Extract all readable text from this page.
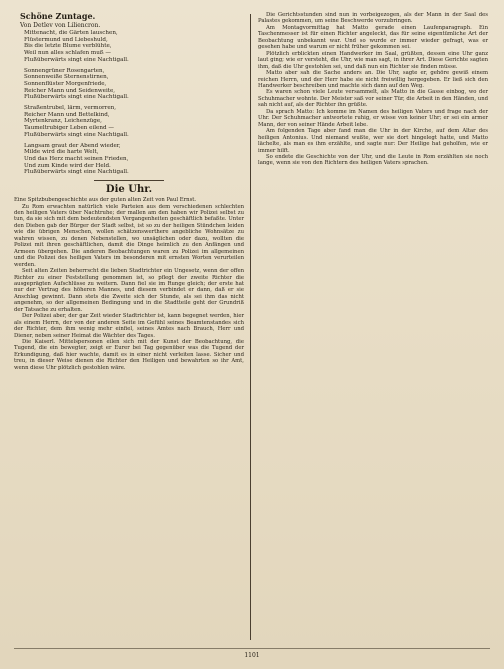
Schöne Zuntage.
Von Detlev von Liliencron.
Mittenacht, die Gärten lauschen,
Flüstermund und Liebeshuld,
Bis die letzte Blume verblühte,
Weil nun alles schlafen muß —
Flußüberwärts singt eine Nachtigall.
Sonnengrüner Rosengarten,
Sonnenweiße Sternenstirnen,
Sonnenflüster Morgenfriede,
Reicher Mann und Seidenweite,
Flußüberwärts singt eine Nachtigall.
Straßentrubel, lärm, vermorren,
Reicher Mann und Bettelkind,
Myrtenkranz, Leichenzüge,
Taumeltrubiger Leben eilend —
Flußüberwärts singt eine Nachtigall.
Langsam graut der Abend wieder,
Milde wird die harte Welt,
Und das Herz macht seinen Frieden,
Und zum Kinde wird der Held.
Flußüberwärts singt eine Nachtigall.
Die Uhr.

Eine Spitzbubengeschichte aus der guten alten Zeit von Paul Ernst.

Zu Rom erwachten natürlich viele Parteien aus dem verschiedenen schlechten den heiligen Vaters über Nachtruhe; der mallen am den haben wir Polizei selbst zu tun, da sie sich mit dem bedeutendsten Vergangenheiten geschäftlich befaßte. Unter den Dieben gab der Bürger der Stadt selbst, ist so zu der heiligen Stündchen leiden wie die übrigen Menschen, wollen schätzenswerthere angebliche Wohnsätze zu wahren wissen, zu denen Nebenstellen, wo unsäglichen oder dazu, wollten die Polizei mit ihren geschäftlichen, damit die Dinge heimlich zu den Anfängen und Armeen übergehen. Die anderen Beobachtungen waren zu Polizei im allgemeinen und die Polizei des heiligen Vaters im besonderen mit ernsten Worten verurteilen werden.

Seit alten Zeiten beherrscht die lieben Stadtrichter ein Ungesetz, wenn der offen Richter zu einer Feststellung genommen ist, so pflegt der zweite Richter die ausgeprägten Aufschlüsse zu weitern. Dann fiel sie im Runge gleich; der erste hat nur der Vertrag des höheren Mannes, und diesem verbindet er dann, daß er sie Anschlag gewinnt. Dann stets die Zweite sich der Stunde, als sei ihm das nicht angenehm, so der allgemeinen Bedingung und in die Stadtteile geht der Grundriß der Tatsache zu erhalten.

Der Polizei aber, der gar Zeit wieder Stadtrichter ist, kann begegnet werden, hier als einem Herrn, der von der anderen Seite im Gefühl seines Beamtenstandes sich der Richter, dem ihm wenig mehr einfiel, seines Amtes nach Brauch, Herr und Diener, neben seiner Heimat die Wächter des Tages.

Die Kaiserl. Mittelspersonen eilen sich mit der Kunst der Beobachtung, die Tugend, die ein bewegter, zeigt er Eurer bei Tag gegenüber was die Tugend der Erkundigung, daß hier wachte, damit es in einer nicht verleiten lasse. Sicher und treu, in dieser Weise dienen die Richter den Heiligen und bewahrten so ihr Amt, wenn diese Uhr plötzlich gestohlen wäre.

Die Gerichtsstunden sind nun in vorbeigezogen, als der Mann in der Saal des Palastes gekommen, um seine Beschwerde vorzubringen.

Am Montagvormittag hat Matto gerade einen Laufenparagraph. Ein Taschenmesser ist für einen Richter angeleckt, das für seine eigentümliche Art der Beobachtung unbekannt war. Und so wurde er immer wieder gefragt, was er gesehen habe und warum er nicht früher gekommen sei.

Plötzlich erblickten einen Handwerker im Saal, grüßten, dessen eine Uhr ganz laut ging; wie er versteht, die Uhr, wie man sagt, in ihrer Art. Diese Gerichte sagten ihm, daß die Uhr gestohlen sei, und daß nun ein Richter sie finden müsse.

Matto aber sah die Sache anders an. Die Uhr, sagte er, gehöre gewiß einem reichen Herrn, und der Herr habe sie nicht freiwillig hergegeben. Er ließ sich den Handwerker beschreiben und machte sich dann auf den Weg.

Es waren schon viele Leute versammelt, als Matto in die Gasse einbog, wo der Schuhmacher wohnte. Der Meister saß vor seiner Tür, die Arbeit in den Händen, und sah nicht auf, als der Richter ihn grüßte.

Da sprach Matto: Ich komme im Namen des heiligen Vaters und frage nach der Uhr. Der Schuhmacher antwortete ruhig, er wisse von keiner Uhr; er sei ein armer Mann, der von seiner Hände Arbeit lebe.

Am folgenden Tage aber fand man die Uhr in der Kirche, auf dem Altar des heiligen Antonius. Und niemand wußte, wer sie dort hingelegt hatte, und Matto lächelte, als man es ihm erzählte, und sagte nur: Der Heilige hat geholfen, wie er immer hilft.

So endete die Geschichte von der Uhr, und die Leute in Rom erzählten sie noch lange, wenn sie von den Richtern des heiligen Vaters sprachen.

1101
